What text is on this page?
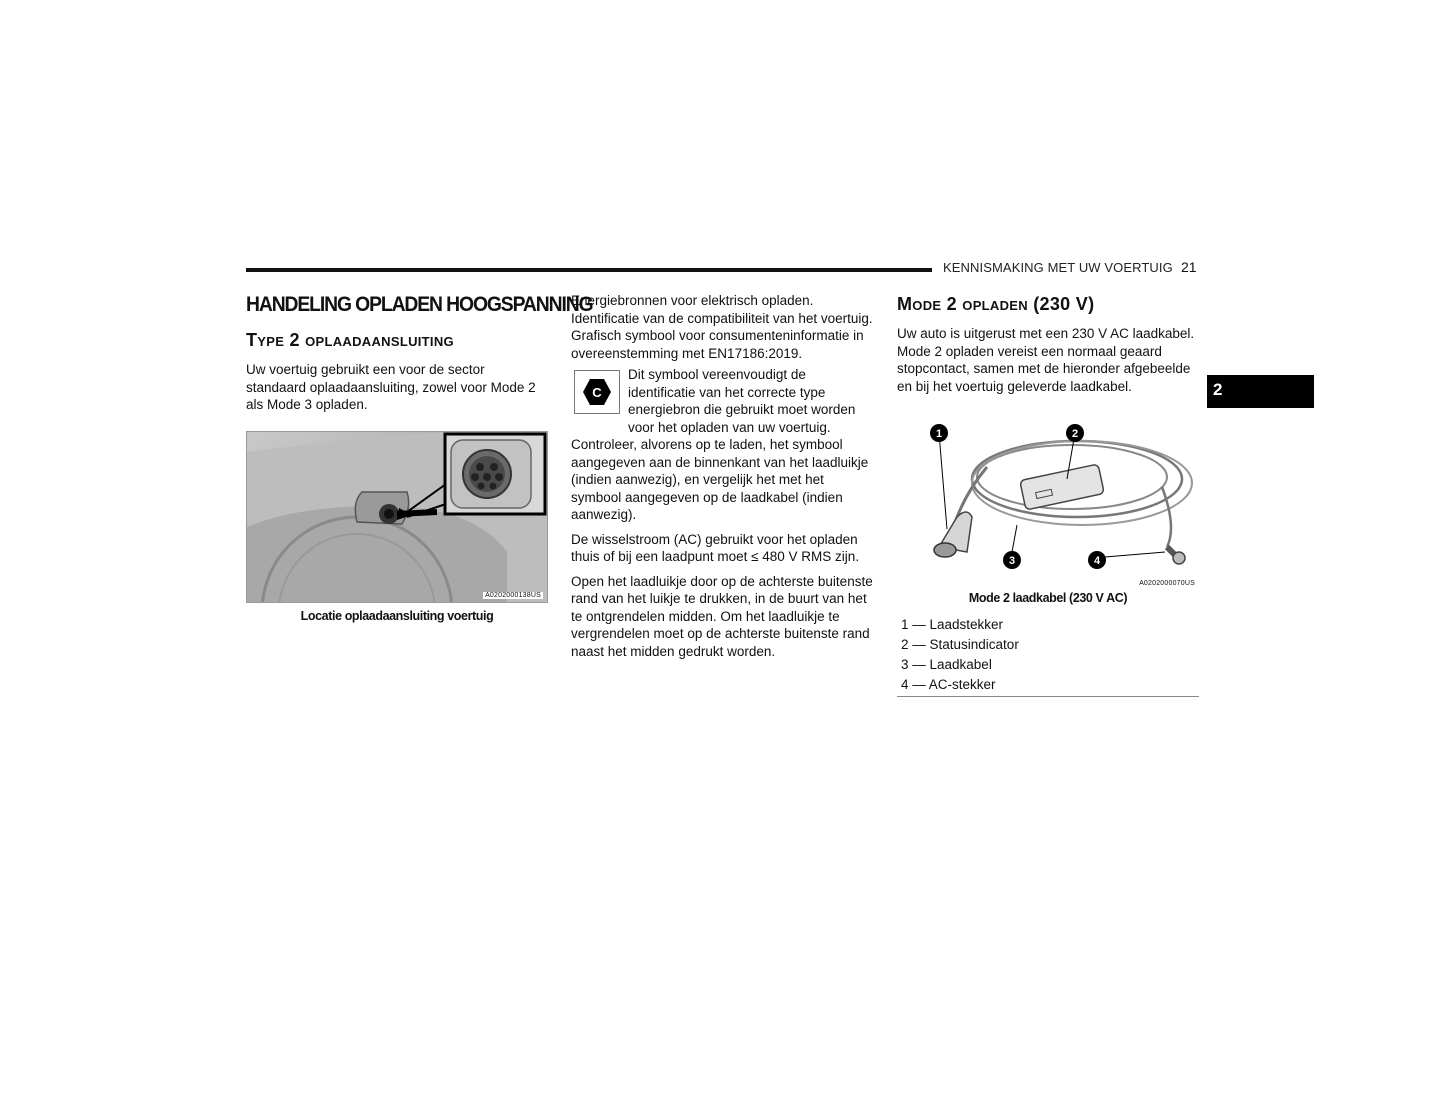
KENNISMAKING MET UW VOERTUIG 21
2
HANDELING OPLADEN HOOGSPANNING
Type 2 oplaadaansluiting

Uw voertuig gebruikt een voor de sector standaard oplaadaansluiting, zowel voor Mode 2 als Mode 3 opladen.

A0202000138US
Locatie oplaadaansluiting voertuig

Energiebronnen voor elektrisch opladen. Identificatie van de compatibiliteit van het voertuig. Grafisch symbool voor consumenteninformatie in overeenstemming met EN17186:2019.

C

Dit symbool vereenvoudigt de identificatie van het correcte type energiebron die gebruikt moet worden voor het opladen van uw voertuig.

Controleer, alvorens op te laden, het symbool aangegeven aan de binnenkant van het laadluikje (indien aanwezig), en vergelijk het met het symbool aangegeven op de laadkabel (indien aanwezig).

De wisselstroom (AC) gebruikt voor het opladen thuis of bij een laadpunt moet ≤ 480 V RMS zijn.

Open het laadluikje door op de achterste buitenste rand van het luikje te drukken, in de buurt van het te ontgrendelen midden. Om het laadluikje te vergrendelen moet op de achterste buitenste rand naast het midden gedrukt worden.

Mode 2 opladen (230 V)

Uw auto is uitgerust met een 230 V AC laadkabel. Mode 2 opladen vereist een normaal geaard stopcontact, samen met de hieronder afgebeelde en bij het voertuig geleverde laadkabel.

1	2
3	4
A0202000070US
Mode 2 laadkabel (230 V AC)
1 — Laadstekker
2 — Statusindicator
3 — Laadkabel
4 — AC-stekker
